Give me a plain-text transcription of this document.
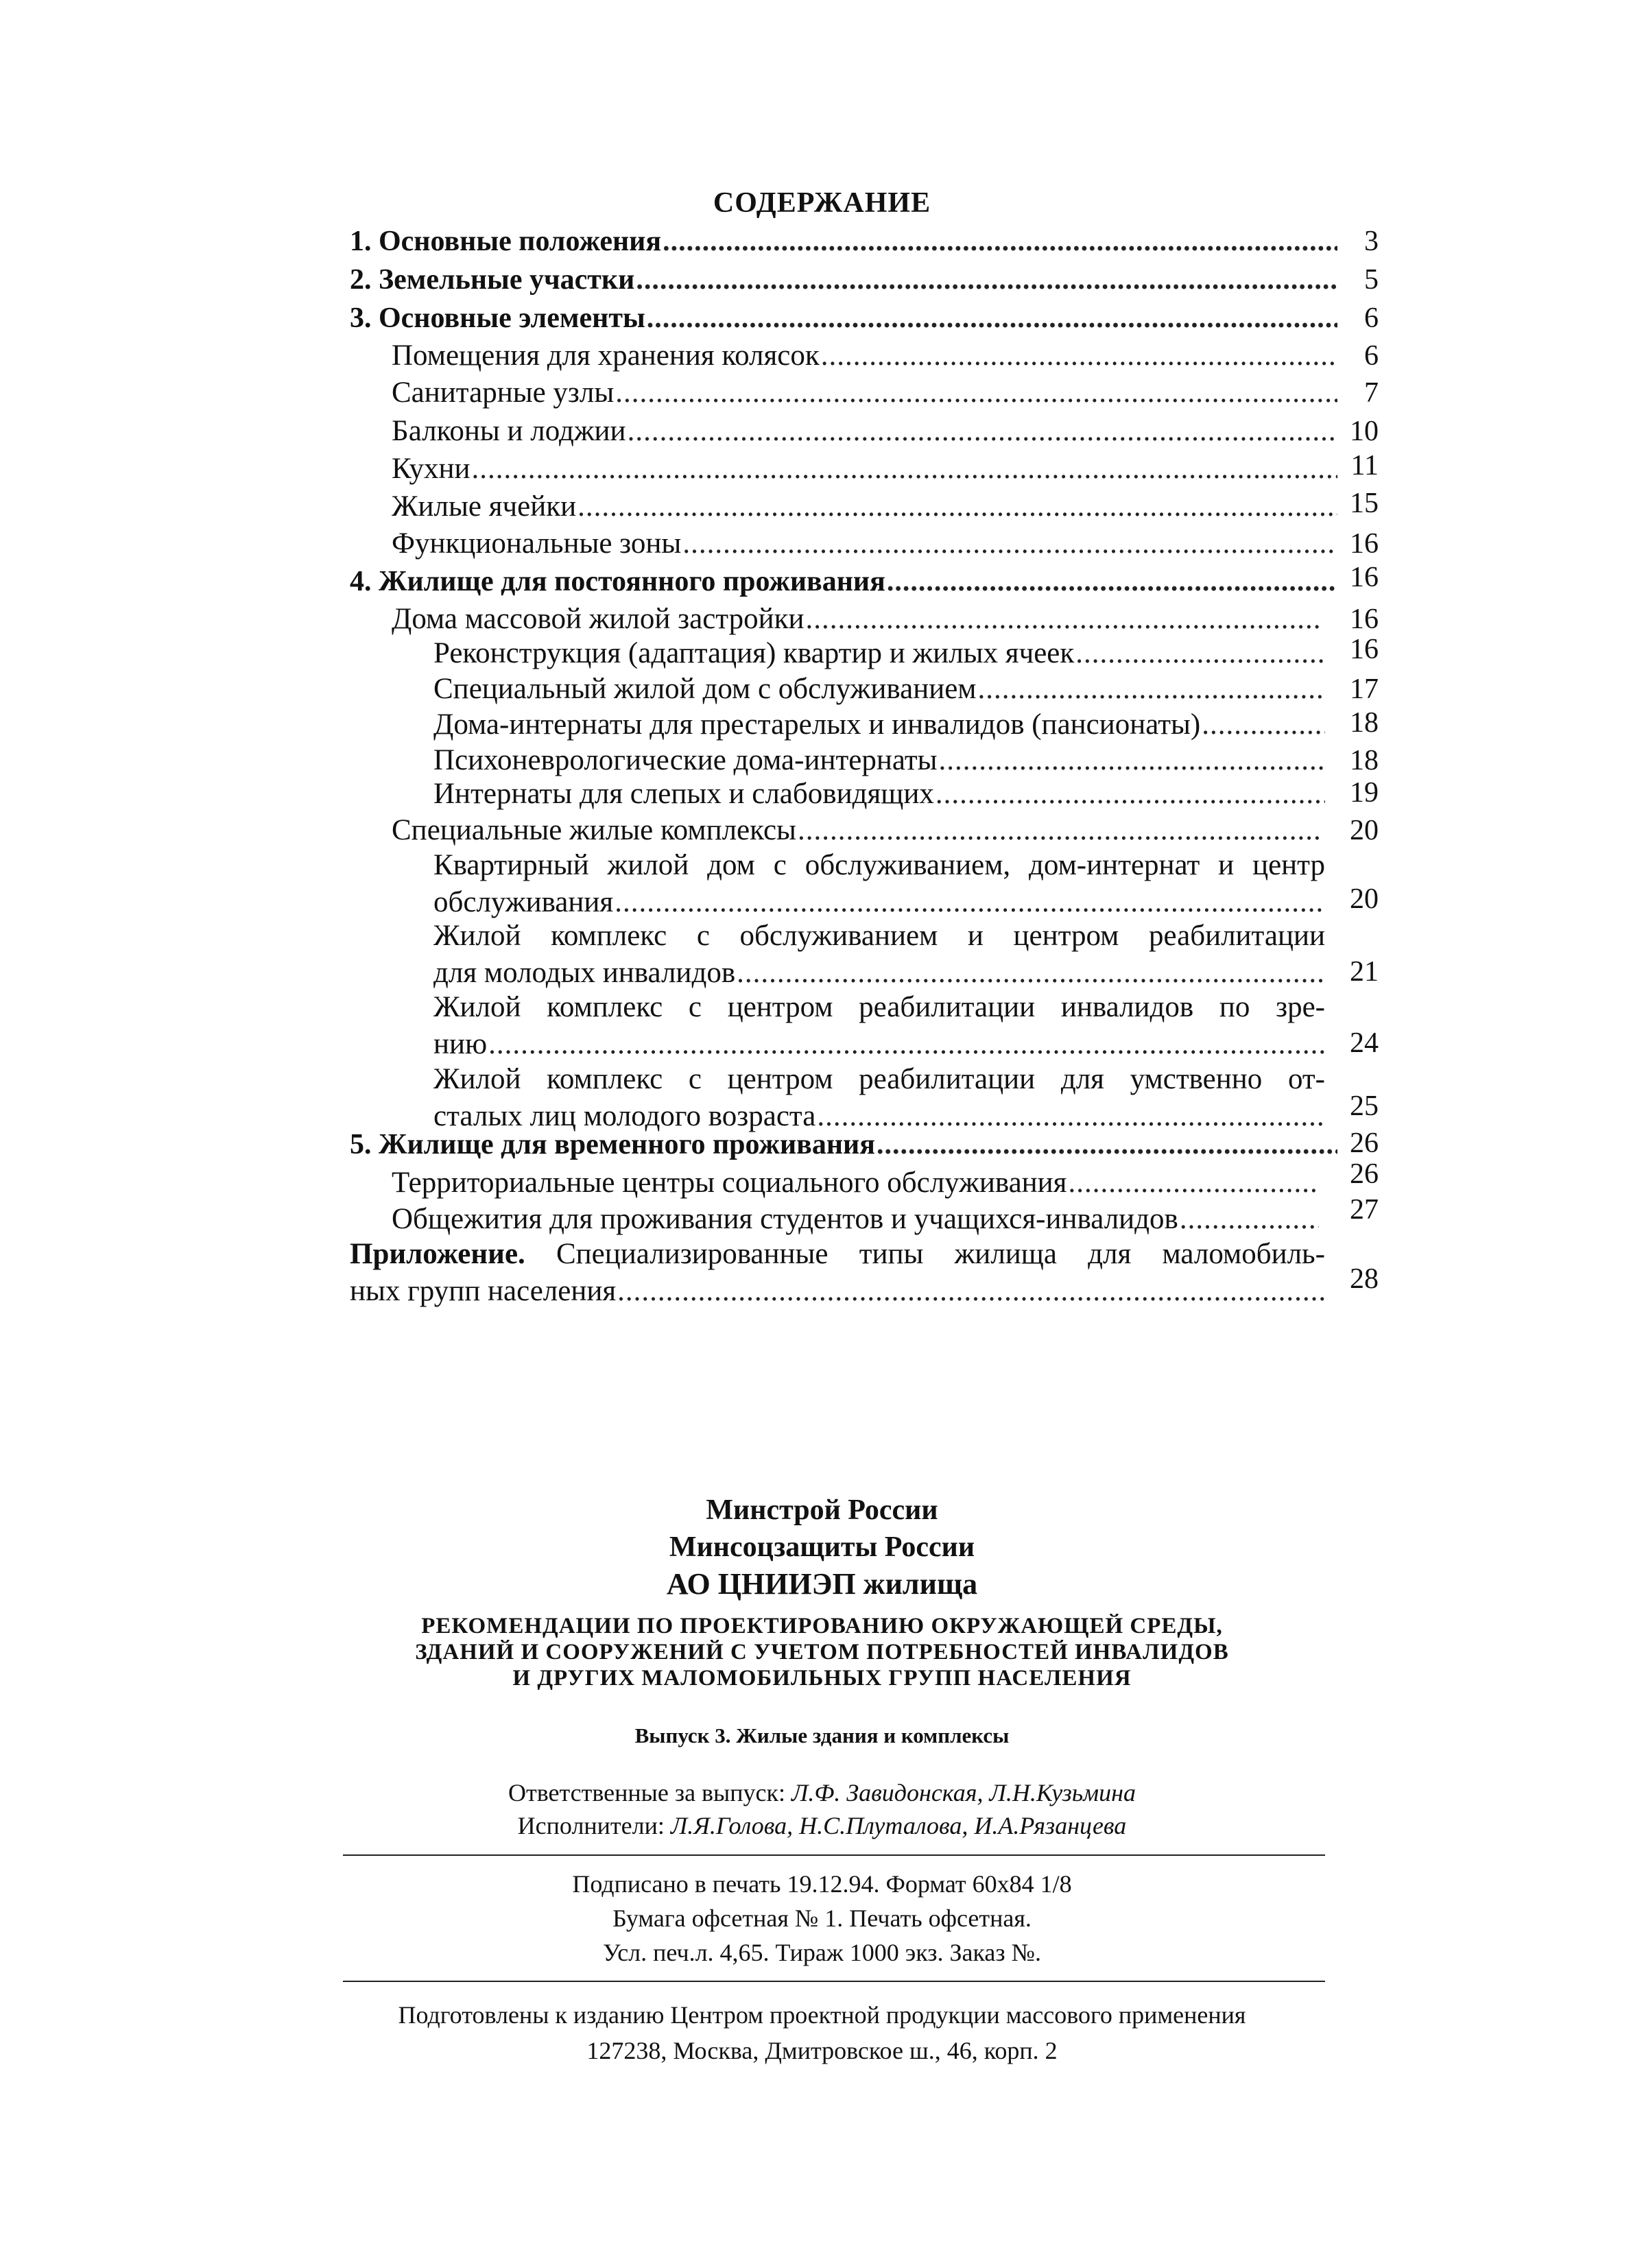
СОДЕРЖАНИЕ
1. Основные положения .....	3
2. Земельные участки .....	5
3. Основные элементы .....	6
Помещения для хранения колясок .....	6
Санитарные узлы .....	7
Балконы и лоджии .....	10
Кухни .....	11
Жилые ячейки .....	15
Функциональные зоны .....	16
4. Жилище для постоянного проживания .....	16
Дома массовой жилой застройки .....	16
Реконструкция (адаптация) квартир и жилых ячеек .....	16
Специальный жилой дом с обслуживанием .....	17
Дома-интернаты для престарелых и инвалидов (пансионаты) .....	18
Психоневрологические дома-интернаты .....	18
Интернаты для слепых и слабовидящих .....	19
Специальные жилые комплексы .....	20
Квартирный жилой дом с обслуживанием, дом-интернат и центр
обслуживания .....	20
Жилой комплекс с обслуживанием и центром реабилитации
для молодых инвалидов .....	21
Жилой комплекс с центром реабилитации инвалидов по зре-
нию .....	24
Жилой комплекс с центром реабилитации для умственно от-
сталых лиц молодого возраста .....	25
5. Жилище для временного проживания .....	26
Территориальные центры социального обслуживания .....	26
Общежития для проживания студентов и учащихся-инвалидов .....	27
Приложение. Специализированные типы жилища для маломобиль-
ных групп населения .....	28
Минстрой России
Минсоцзащиты России
АО ЦНИИЭП жилища
РЕКОМЕНДАЦИИ ПО ПРОЕКТИРОВАНИЮ ОКРУЖАЮЩЕЙ СРЕДЫ,
ЗДАНИЙ И СООРУЖЕНИЙ С УЧЕТОМ ПОТРЕБНОСТЕЙ ИНВАЛИДОВ
И ДРУГИХ МАЛОМОБИЛЬНЫХ ГРУПП НАСЕЛЕНИЯ
Выпуск 3. Жилые здания и комплексы
Ответственные за выпуск: Л.Ф. Завидонская, Л.Н.Кузьмина
Исполнители: Л.Я.Голова, Н.С.Плуталова, И.А.Рязанцева
Подписано в печать 19.12.94. Формат 60х84 1/8
Бумага офсетная № 1. Печать офсетная.
Усл. печ.л. 4,65. Тираж 1000 экз. Заказ №.
Подготовлены к изданию Центром проектной продукции массового применения
127238, Москва, Дмитровское ш., 46, корп. 2
